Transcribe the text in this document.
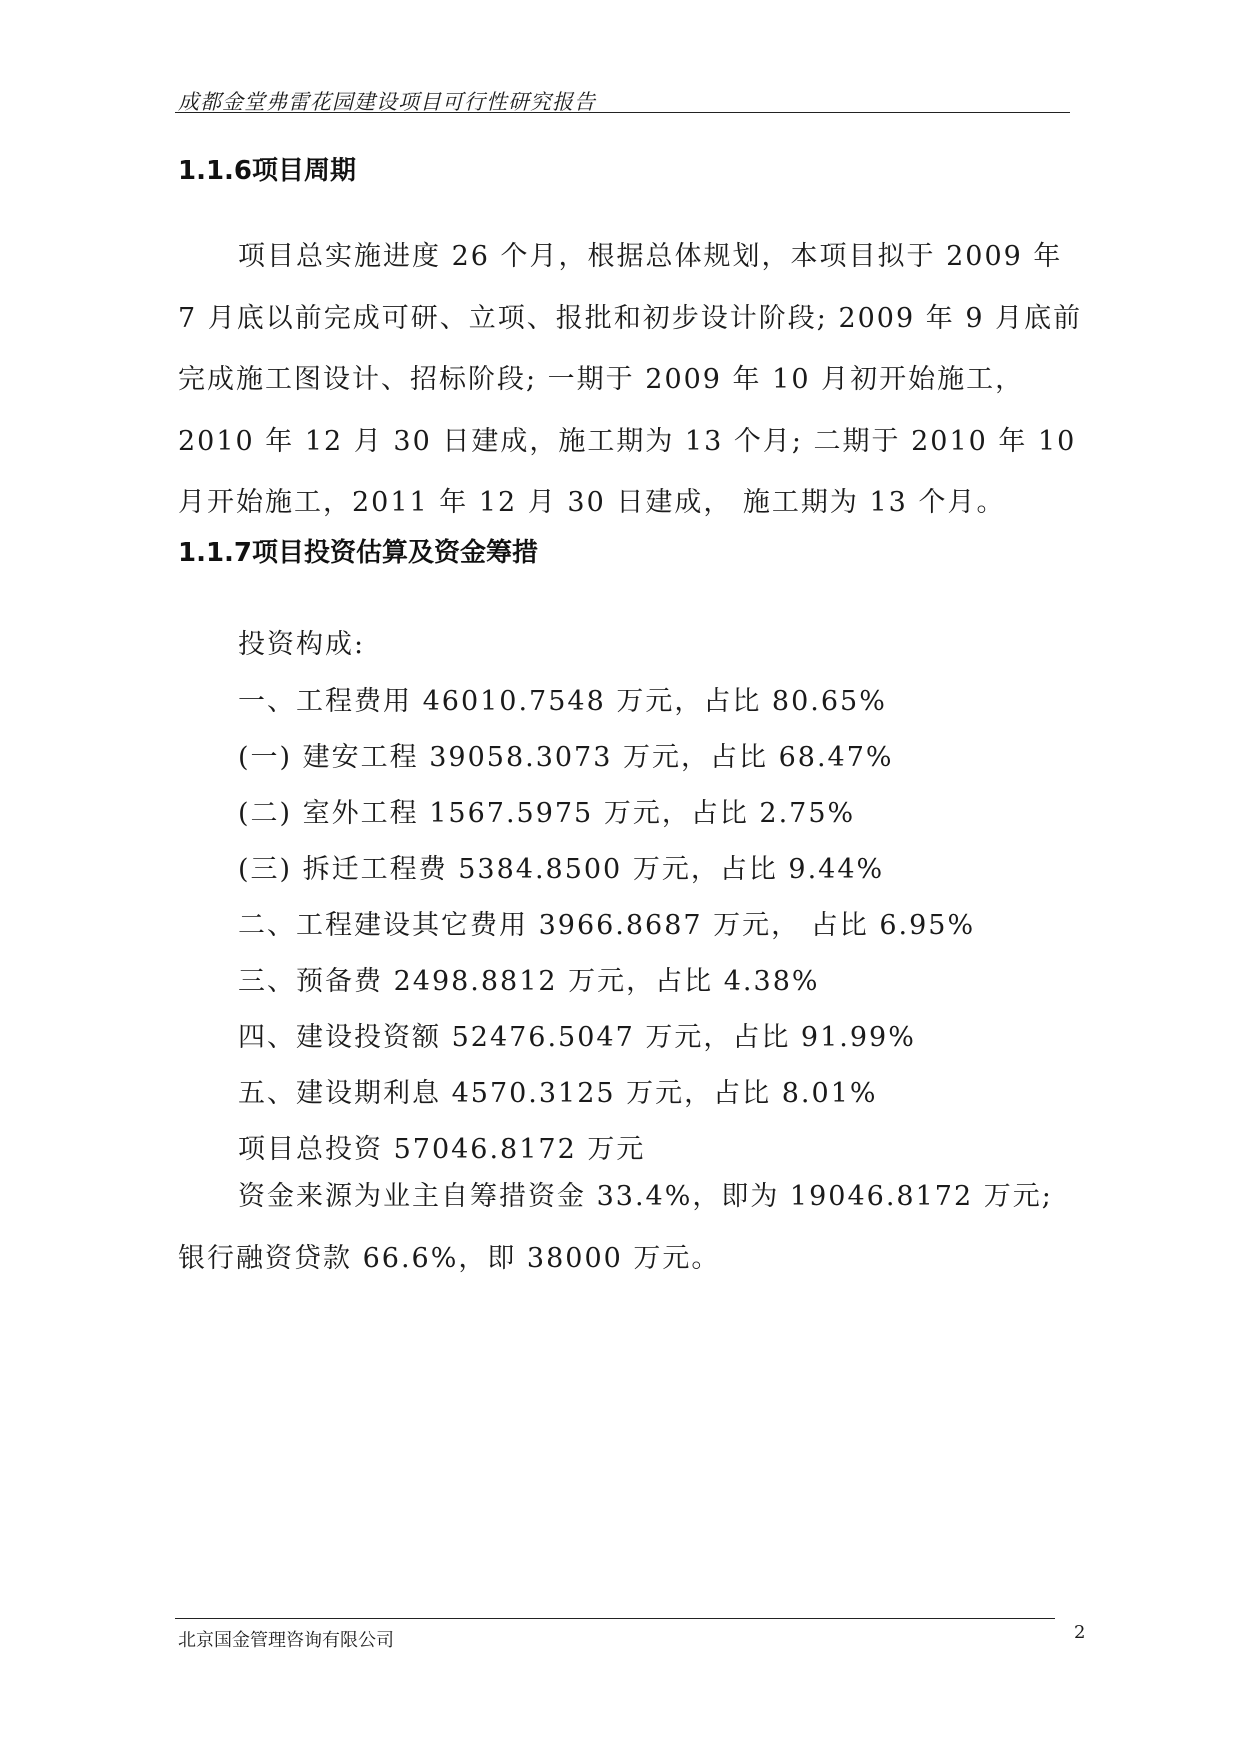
成都金堂弗雷花园建设项目可行性研究报告
1.1.6项目周期

项目总实施进度 26 个月，根据总体规划，本项目拟于 2009 年 7 月底以前完成可研、立项、报批和初步设计阶段; 2009 年 9 月底前完成施工图设计、招标阶段; 一期于 2009 年 10 月初开始施工，2010 年 12 月 30 日建成，施工期为 13 个月; 二期于 2010 年 10 月开始施工，2011 年 12 月 30 日建成， 施工期为 13 个月。

1.1.7项目投资估算及资金筹措
投资构成:
一、工程费用 46010.7548 万元，占比 80.65%
(一) 建安工程 39058.3073 万元，占比 68.47%
(二) 室外工程 1567.5975 万元，占比 2.75%
(三) 拆迁工程费 5384.8500 万元，占比 9.44%
二、工程建设其它费用 3966.8687 万元， 占比 6.95%
三、预备费 2498.8812 万元，占比 4.38%
四、建设投资额 52476.5047 万元，占比 91.99%
五、建设期利息 4570.3125 万元，占比 8.01%
项目总投资 57046.8172 万元

资金来源为业主自筹措资金 33.4%，即为 19046.8172 万元; 银行融资贷款 66.6%，即 38000 万元。

北京国金管理咨询有限公司	2
